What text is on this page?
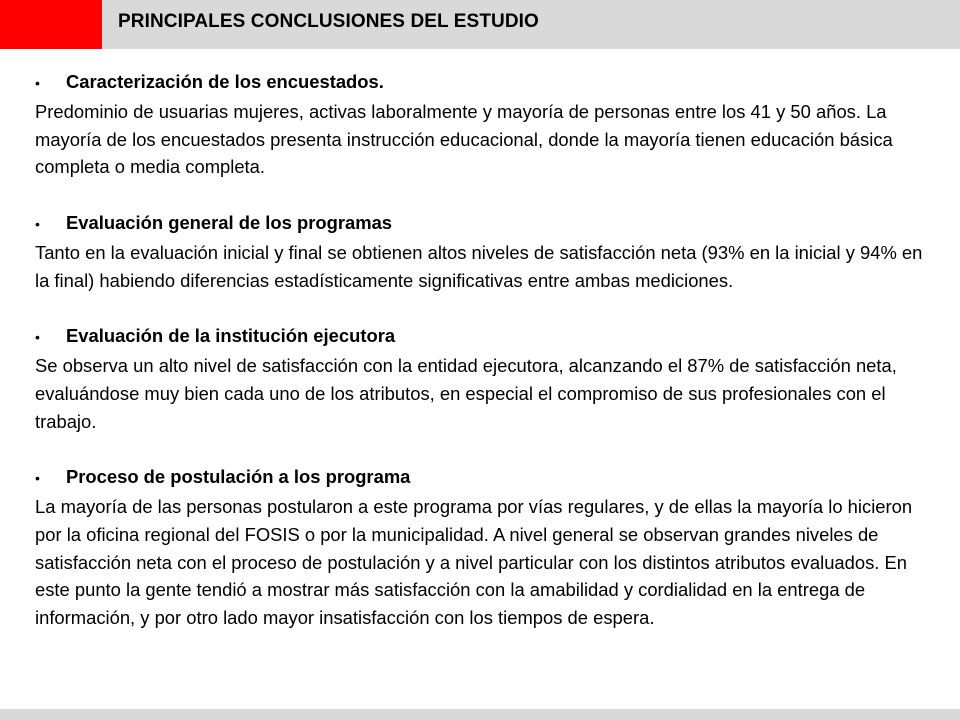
PRINCIPALES CONCLUSIONES DEL ESTUDIO
•	Caracterización de los encuestados.

Predominio de usuarias mujeres, activas laboralmente y mayoría de personas entre los 41 y 50 años. La mayoría de los encuestados presenta instrucción educacional, donde la mayoría tienen educación básica completa o media completa.

•	Evaluación general de los programas

Tanto en la evaluación inicial y final se obtienen altos niveles de satisfacción neta (93% en la inicial y 94% en la final) habiendo diferencias estadísticamente significativas entre ambas mediciones.

•	Evaluación de la institución ejecutora

Se observa un alto nivel de satisfacción con la entidad ejecutora, alcanzando el 87% de satisfacción neta, evaluándose muy bien cada uno de los atributos, en especial el compromiso de sus profesionales con el trabajo.

•	Proceso de postulación a los programa

La mayoría de las personas postularon a este programa por vías regulares, y de ellas la mayoría lo hicieron por la oficina regional del FOSIS o por la municipalidad. A nivel general se observan grandes niveles de satisfacción neta con el proceso de postulación y a nivel particular con los distintos atributos evaluados. En este punto la gente tendió a mostrar más satisfacción con la amabilidad y cordialidad en la entrega de información, y por otro lado mayor insatisfacción con los tiempos de espera.
